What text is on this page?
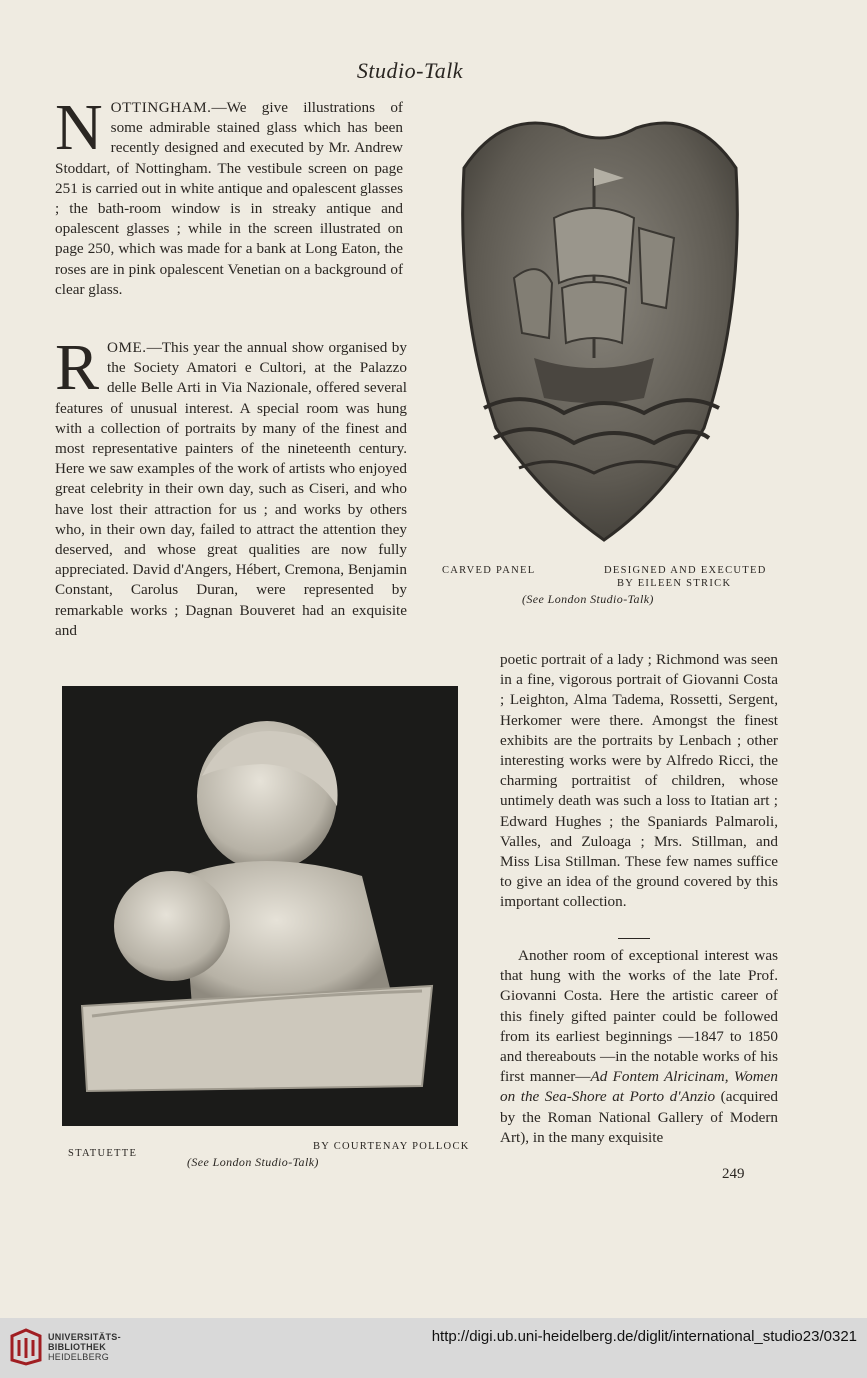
Studio-Talk

NOTTINGHAM.—We give illustrations of some admirable stained glass which has been recently designed and executed by Mr. Andrew Stoddart, of Nottingham. The vestibule screen on page 251 is carried out in white antique and opalescent glasses ; the bath-room window is in streaky antique and opalescent glasses ; while in the screen illustrated on page 250, which was made for a bank at Long Eaton, the roses are in pink opalescent Venetian on a background of clear glass.

ROME.—This year the annual show organised by the Society Amatori e Cultori, at the Palazzo delle Belle Arti in Via Nazionale, offered several features of unusual interest. A special room was hung with a collection of portraits by many of the finest and most representative painters of the nineteenth century. Here we saw examples of the work of artists who enjoyed great celebrity in their own day, such as Ciseri, and who have lost their attraction for us ; and works by others who, in their own day, failed to attract the attention they deserved, and whose great qualities are now fully appreciated. David d'Angers, Hébert, Cremona, Benjamin Constant, Carolus Duran, were represented by remarkable works ; Dagnan Bouveret had an exquisite and

CARVED PANEL	DESIGNED AND EXECUTED
BY EILEEN STRICK
(See London Studio-Talk)
STATUETTE
BY COURTENAY POLLOCK
(See London Studio-Talk)

poetic portrait of a lady ; Richmond was seen in a fine, vigorous portrait of Giovanni Costa ; Leighton, Alma Tadema, Rossetti, Sergent, Herkomer were there. Amongst the finest exhibits are the portraits by Lenbach ; other interesting works were by Alfredo Ricci, the charming portraitist of children, whose untimely death was such a loss to Itatian art ; Edward Hughes ; the Spaniards Palmaroli, Valles, and Zuloaga ; Mrs. Stillman, and Miss Lisa Stillman. These few names suffice to give an idea of the ground covered by this important collection.

Another room of exceptional interest was that hung with the works of the late Prof. Giovanni Costa. Here the artistic career of this finely gifted painter could be followed from its earliest beginnings —1847 to 1850 and thereabouts —in the notable works of his first manner—Ad Fontem Alricinam, Women on the Sea-Shore at Porto d'Anzio (acquired by the Roman National Gallery of Modern Art), in the many exquisite

249
UNIVERSITÄTS-
BIBLIOTHEK
HEIDELBERG
http://digi.ub.uni-heidelberg.de/diglit/international_studio23/0321
